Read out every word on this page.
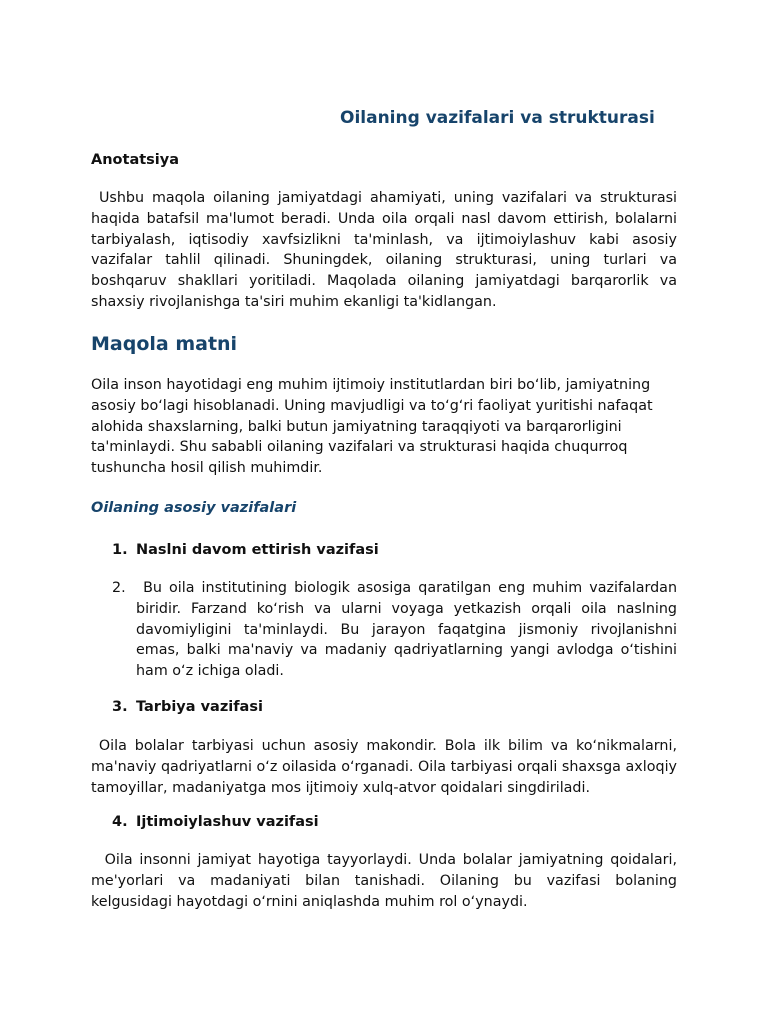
Oilaning vazifalari va strukturasi
Anotatsiya

Ushbu maqola oilaning jamiyatdagi ahamiyati, uning vazifalari va strukturasi haqida batafsil ma'lumot beradi. Unda oila orqali nasl davom ettirish, bolalarni tarbiyalash, iqtisodiy xavfsizlikni ta'minlash, va ijtimoiylashuv kabi asosiy vazifalar tahlil qilinadi. Shuningdek, oilaning strukturasi, uning turlari va boshqaruv shakllari yoritiladi. Maqolada oilaning jamiyatdagi barqarorlik va shaxsiy rivojlanishga ta'siri muhim ekanligi ta'kidlangan.

Maqola matni

Oila inson hayotidagi eng muhim ijtimoiy institutlardan biri boʻlib, jamiyatning asosiy boʻlagi hisoblanadi. Uning mavjudligi va toʻgʻri faoliyat yuritishi nafaqat alohida shaxslarning, balki butun jamiyatning taraqqiyoti va barqarorligini ta'minlaydi. Shu sababli oilaning vazifalari va strukturasi haqida chuqurroq tushuncha hosil qilish muhimdir.

Oilaning asosiy vazifalari
1. Naslni davom ettirish vazifasi
2. Bu oila institutining biologik asosiga qaratilgan eng muhim vazifalardan biridir. Farzand koʻrish va ularni voyaga yetkazish orqali oila naslning davomiyligini ta'minlaydi. Bu jarayon faqatgina jismoniy rivojlanishni emas, balki ma'naviy va madaniy qadriyatlarning yangi avlodga oʻtishini ham oʻz ichiga oladi.
3. Tarbiya vazifasi

Oila bolalar tarbiyasi uchun asosiy makondir. Bola ilk bilim va koʻnikmalarni, ma'naviy qadriyatlarni oʻz oilasida oʻrganadi. Oila tarbiyasi orqali shaxsga axloqiy tamoyillar, madaniyatga mos ijtimoiy xulq-atvor qoidalari singdiriladi.

4. Ijtimoiylashuv vazifasi

Oila insonni jamiyat hayotiga tayyorlaydi. Unda bolalar jamiyatning qoidalari, me'yorlari va madaniyati bilan tanishadi. Oilaning bu vazifasi bolaning kelgusidagi hayotdagi oʻrnini aniqlashda muhim rol oʻynaydi.
